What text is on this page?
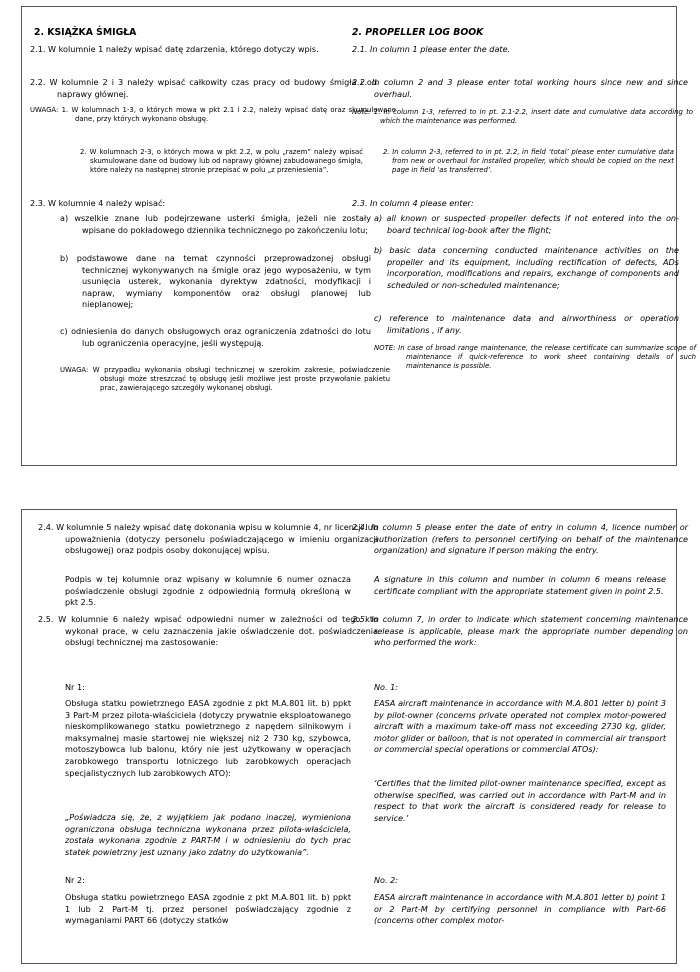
2. KSIĄŻKA ŚMIGŁA

2.1. W kolumnie 1 należy wpisać datę zdarzenia, którego dotyczy wpis.

2.2. W kolumnie 2 i 3 należy wpisać całkowity czas pracy od budowy śmigła i od naprawy głównej.

UWAGA: 1. W kolumnach 1-3, o których mowa w pkt 2.1 i 2.2, należy wpisać datę oraz skumulowane dane, przy których wykonano obsługę.

2. W kolumnach 2-3, o których mowa w pkt 2.2, w polu „razem” należy wpisać skumulowane dane od budowy lub od naprawy głównej zabudowanego śmigła, które należy na następnej stronie przepisać w polu „z przeniesienia”.

2.3. W kolumnie 4 należy wpisać:

a) wszelkie znane lub podejrzewane usterki śmigła, jeżeli nie zostały wpisane do pokładowego dziennika technicznego po zakończeniu lotu;

b) podstawowe dane na temat czynności przeprowadzonej obsługi technicznej wykonywanych na śmigle oraz jego wyposażeniu, w tym usunięcia usterek, wykonania dyrektyw zdatności, modyfikacji i napraw, wymiany komponentów oraz obsługi planowej lub nieplanowej;

c) odniesienia do danych obsługowych oraz ograniczenia zdatności do lotu lub ograniczenia operacyjne, jeśli występują.

UWAGA: W przypadku wykonania obsługi technicznej w szerokim zakresie, poświadczenie obsługi może streszczać tę obsługę jeśli możliwe jest proste przywołanie pakietu prac, zawierającego szczegóły wykonanej obsługi.

2. PROPELLER LOG BOOK

2.1. In column 1 please enter the date.

2.2. In column 2 and 3 please enter total working hours since new and since overhaul.

Note: 1. In column 1-3, referred to in pt. 2.1-2.2, insert date and cumulative data according to which the maintenance was performed.

2. In column 2-3, referred to in pt. 2.2, in field ‘total’ please enter cumulative data from new or overhaul for installed propeller, which should be copied on the next page in field ‘as transferred’.

2.3. In column 4 please enter:

a) all known or suspected propeller defects if not entered into the on-board technical log-book after the flight;

b) basic data concerning conducted maintenance activities on the propeller and its equipment, including rectification of defects, ADs incorporation, modifications and repairs, exchange of components and scheduled or non-scheduled maintenance;

c) reference to maintenance data and airworthiness or operation limitations , if any.

NOTE: In case of broad range maintenance, the release certificate can summarize scope of maintenance if quick-reference to work sheet containing details of such maintenance is possible.

2.4. W kolumnie 5 należy wpisać datę dokonania wpisu w kolumnie 4, nr licencji lub upoważnienia (dotyczy personelu poświadczającego w imieniu organizacji obsługowej) oraz podpis osoby dokonującej wpisu.

Podpis w tej kolumnie oraz wpisany w kolumnie 6 numer oznacza poświadczenie obsługi zgodnie z odpowiednią formułą określoną w pkt 2.5.

2.5. W kolumnie 6 należy wpisać odpowiedni numer w zależności od tego kto wykonał prace, w celu zaznaczenia jakie oświadczenie dot. poświadczenia obsługi technicznej ma zastosowanie:

Nr 1:

Obsługa statku powietrznego EASA zgodnie z pkt M.A.801 lit. b) ppkt 3 Part-M przez pilota-właściciela (dotyczy prywatnie eksploatowanego nieskomplikowanego statku powietrznego z napędem silnikowym i maksymalnej masie startowej nie większej niż 2 730 kg, szybowca, motoszybowca lub balonu, który nie jest użytkowany w operacjach zarobkowego transportu lotniczego lub zarobkowych operacjach specjalistycznych lub zarobkowych ATO):

„Poświadcza się, że, z wyjątkiem jak podano inaczej, wymieniona ograniczona obsługa techniczna wykonana przez pilota-właściciela, została wykonana zgodnie z PART-M i w odniesieniu do tych prac statek powietrzny jest uznany jako zdatny do użytkowania”.

Nr 2:

Obsługa statku powietrznego EASA zgodnie z pkt M.A.801 lit. b) ppkt 1 lub 2 Part-M tj. przez personel poświadczający zgodnie z wymaganiami PART 66 (dotyczy statków

2.4. In column 5 please enter the date of entry in column 4, licence number or authorization (refers to personnel certifying on behalf of the maintenance organization) and signature if person making the entry.

A signature in this column and number in column 6 means release certificate compliant with the appropriate statement given in point 2.5.

2.5. In column 7, in order to indicate which statement concerning maintenance release is applicable, please mark the appropriate number depending on who performed the work:

No. 1:

EASA aircraft maintenance in accordance with M.A.801 letter b) point 3 by pilot-owner (concerns private operated not complex motor-powered aircraft with a maximum take-off mass not exceeding 2730 kg, glider, motor glider or balloon, that is not operated in commercial air transport or commercial special operations or commercial ATOs):

‘Certifies that the limited pilot-owner maintenance specified, except as otherwise specified, was carried out in accordance with Part-M and in respect to that work the aircraft is considered ready for release to service.’

No. 2:

EASA aircraft maintenance in accordance with M.A.801 letter b) point 1 or 2 Part-M by certifying personnel in compliance with Part-66 (concerns other complex motor-
